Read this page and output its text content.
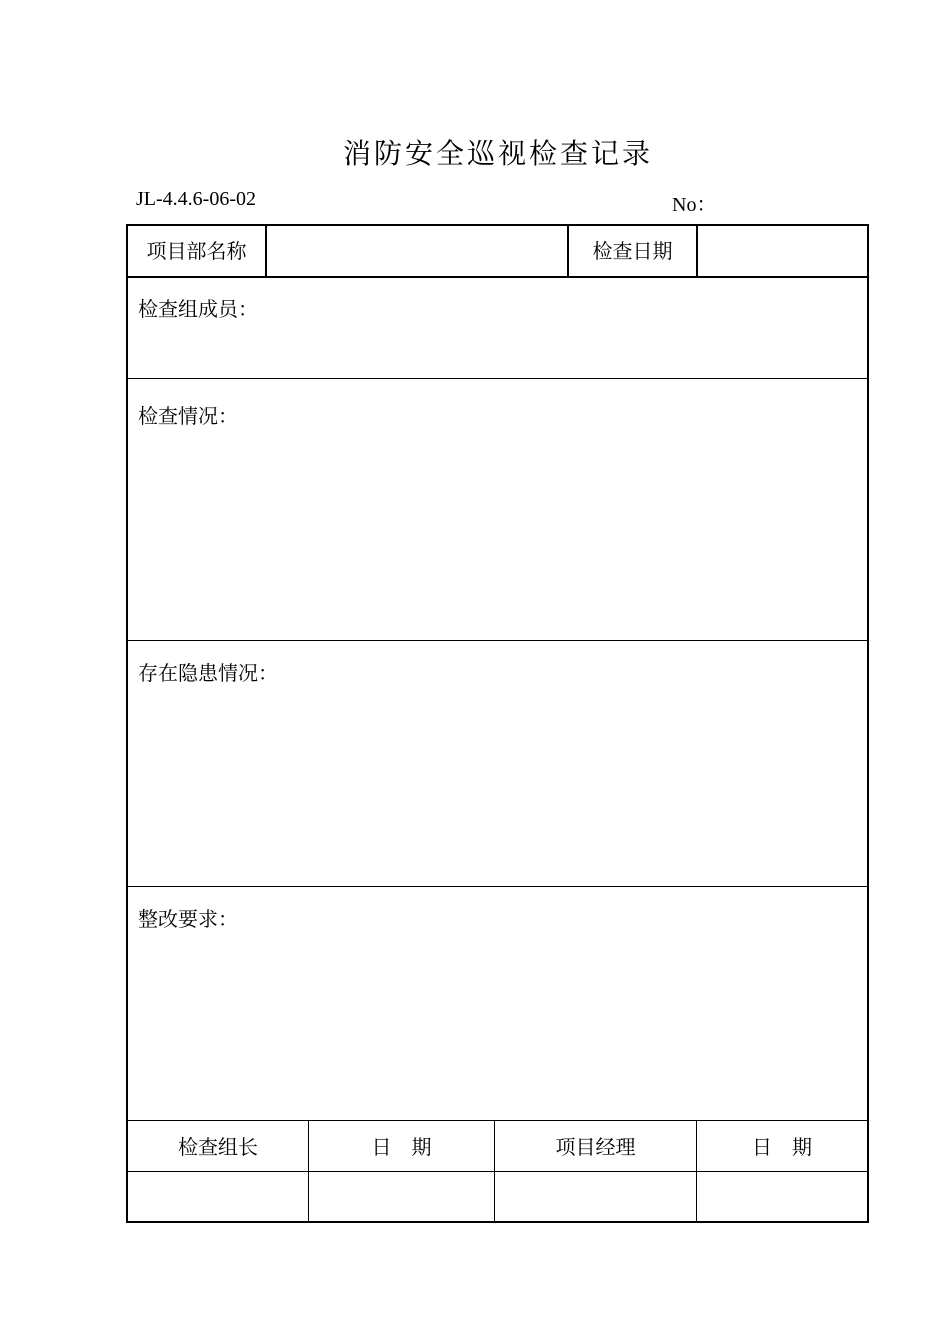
消防安全巡视检查记录
JL-4.4.6-06-02	No：
项目部名称	检查日期
检查组成员：
检查情况：
存在隐患情况：
整改要求：
检查组长	日　期	项目经理	日　期
